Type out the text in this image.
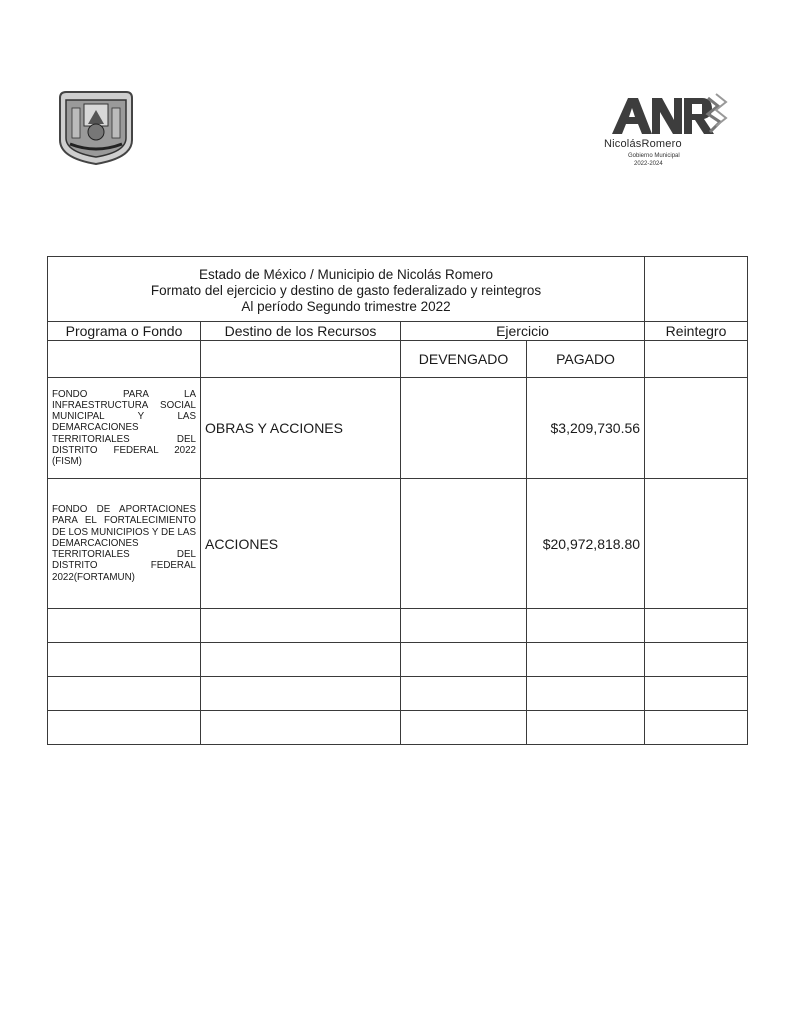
NicolásRomero
Gobierno Municipal
2022-2024
Estado de México / Municipio de Nicolás Romero
Formato del ejercicio y destino de gasto federalizado y reintegros
Al período Segundo trimestre 2022				

Programa o Fondo	Destino de los Recursos	Ejercicio		Reintegro
		DEVENGADO	PAGADO	
FONDO PARA LA INFRAESTRUCTURA SOCIAL MUNICIPAL Y LAS DEMARCACIONES TERRITORIALES DEL DISTRITO FEDERAL 2022 (FISM)	OBRAS Y ACCIONES		$3,209,730.56	
FONDO DE APORTACIONES PARA EL FORTALECIMIENTO DE LOS MUNICIPIOS Y DE LAS DEMARCACIONES TERRITORIALES DEL DISTRITO FEDERAL 2022(FORTAMUN)	ACCIONES		$20,972,818.80	
